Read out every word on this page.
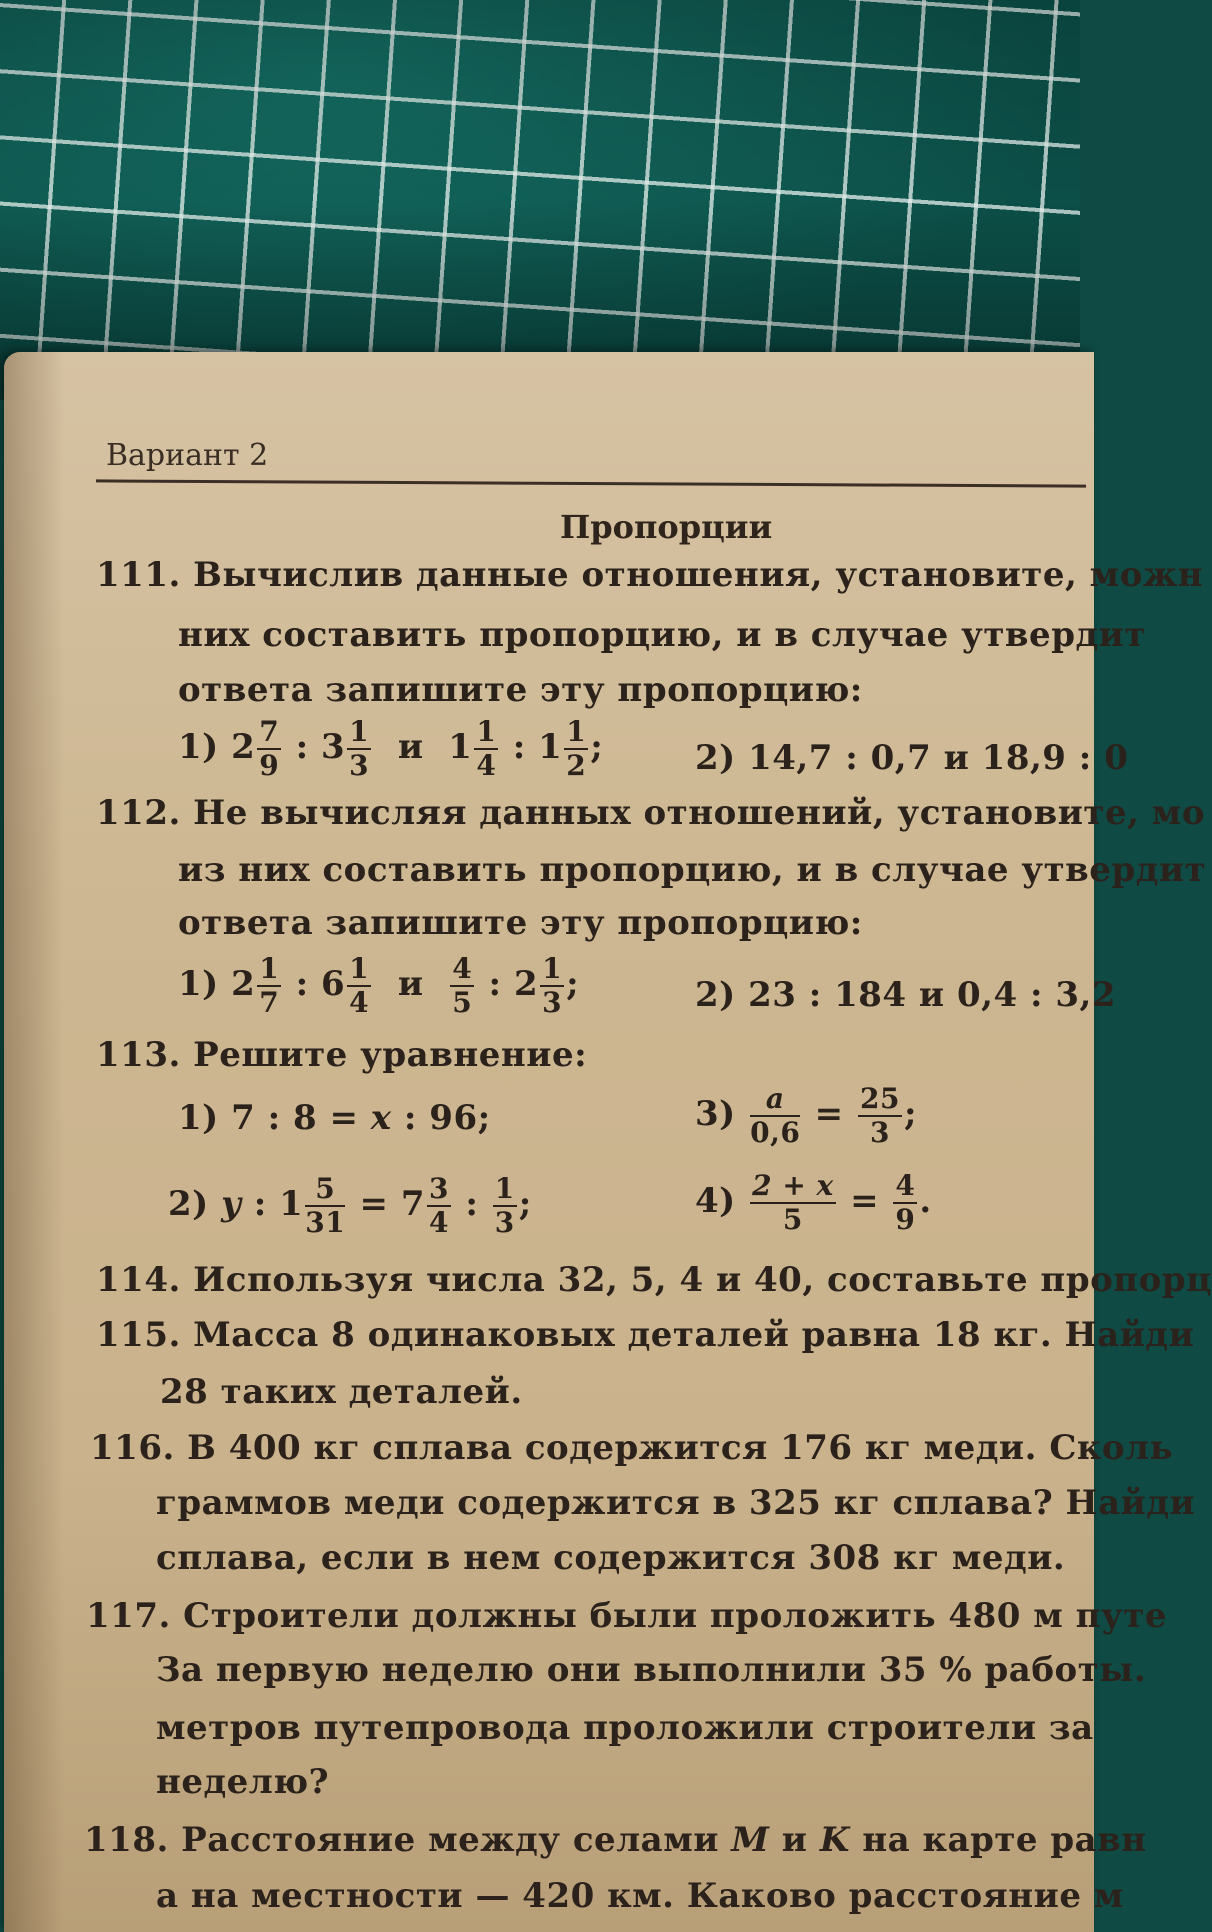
Вариант 2
Пропорции
111. Вычислив данные отношения, установите, можн
них составить пропорцию, и в случае утвердит
ответа запишите эту пропорцию:
1) $2 \frac{7}{9}$ : $3 \frac{1}{3}$ и $1 \frac{1}{4}$ : $1 \frac{1}{2}$ ;	2) 14,7 : 0,7 и 18,9 : 0
112. Не вычисляя данных отношений, установите, мо
из них составить пропорцию, и в случае утвердит
ответа запишите эту пропорцию:
1) $2 \frac{1}{7}$ : $6 \frac{1}{4}$ и $\frac{4}{5}$ : $2 \frac{1}{3}$ ;	2) 23 : 184 и 0,4 : 3,2
113. Решите уравнение:
1) 7 : 8 = x : 96;	$3) \frac{a}{0,6} = \frac{25}{3}$ ;
2) y : $1 \frac{5}{31} = 7 \frac{3}{4}$ : $\frac{1}{3}$ ;	$4) \frac{2 + x}{5} = \frac{4}{9}$ .
114. Используя числа 32, 5, 4 и 40, составьте пропорц
115. Масса 8 одинаковых деталей равна 18 кг. Найди
28 таких деталей.
116. В 400 кг сплава содержится 176 кг меди. Сколь
граммов меди содержится в 325 кг сплава? Найди
сплава, если в нем содержится 308 кг меди.
117. Строители должны были проложить 480 м путе
За первую неделю они выполнили 35 % работы.
метров путепровода проложили строители за
неделю?
118. Расстояние между селами M и K на карте равн
а на местности — 420 км. Каково расстояние м
